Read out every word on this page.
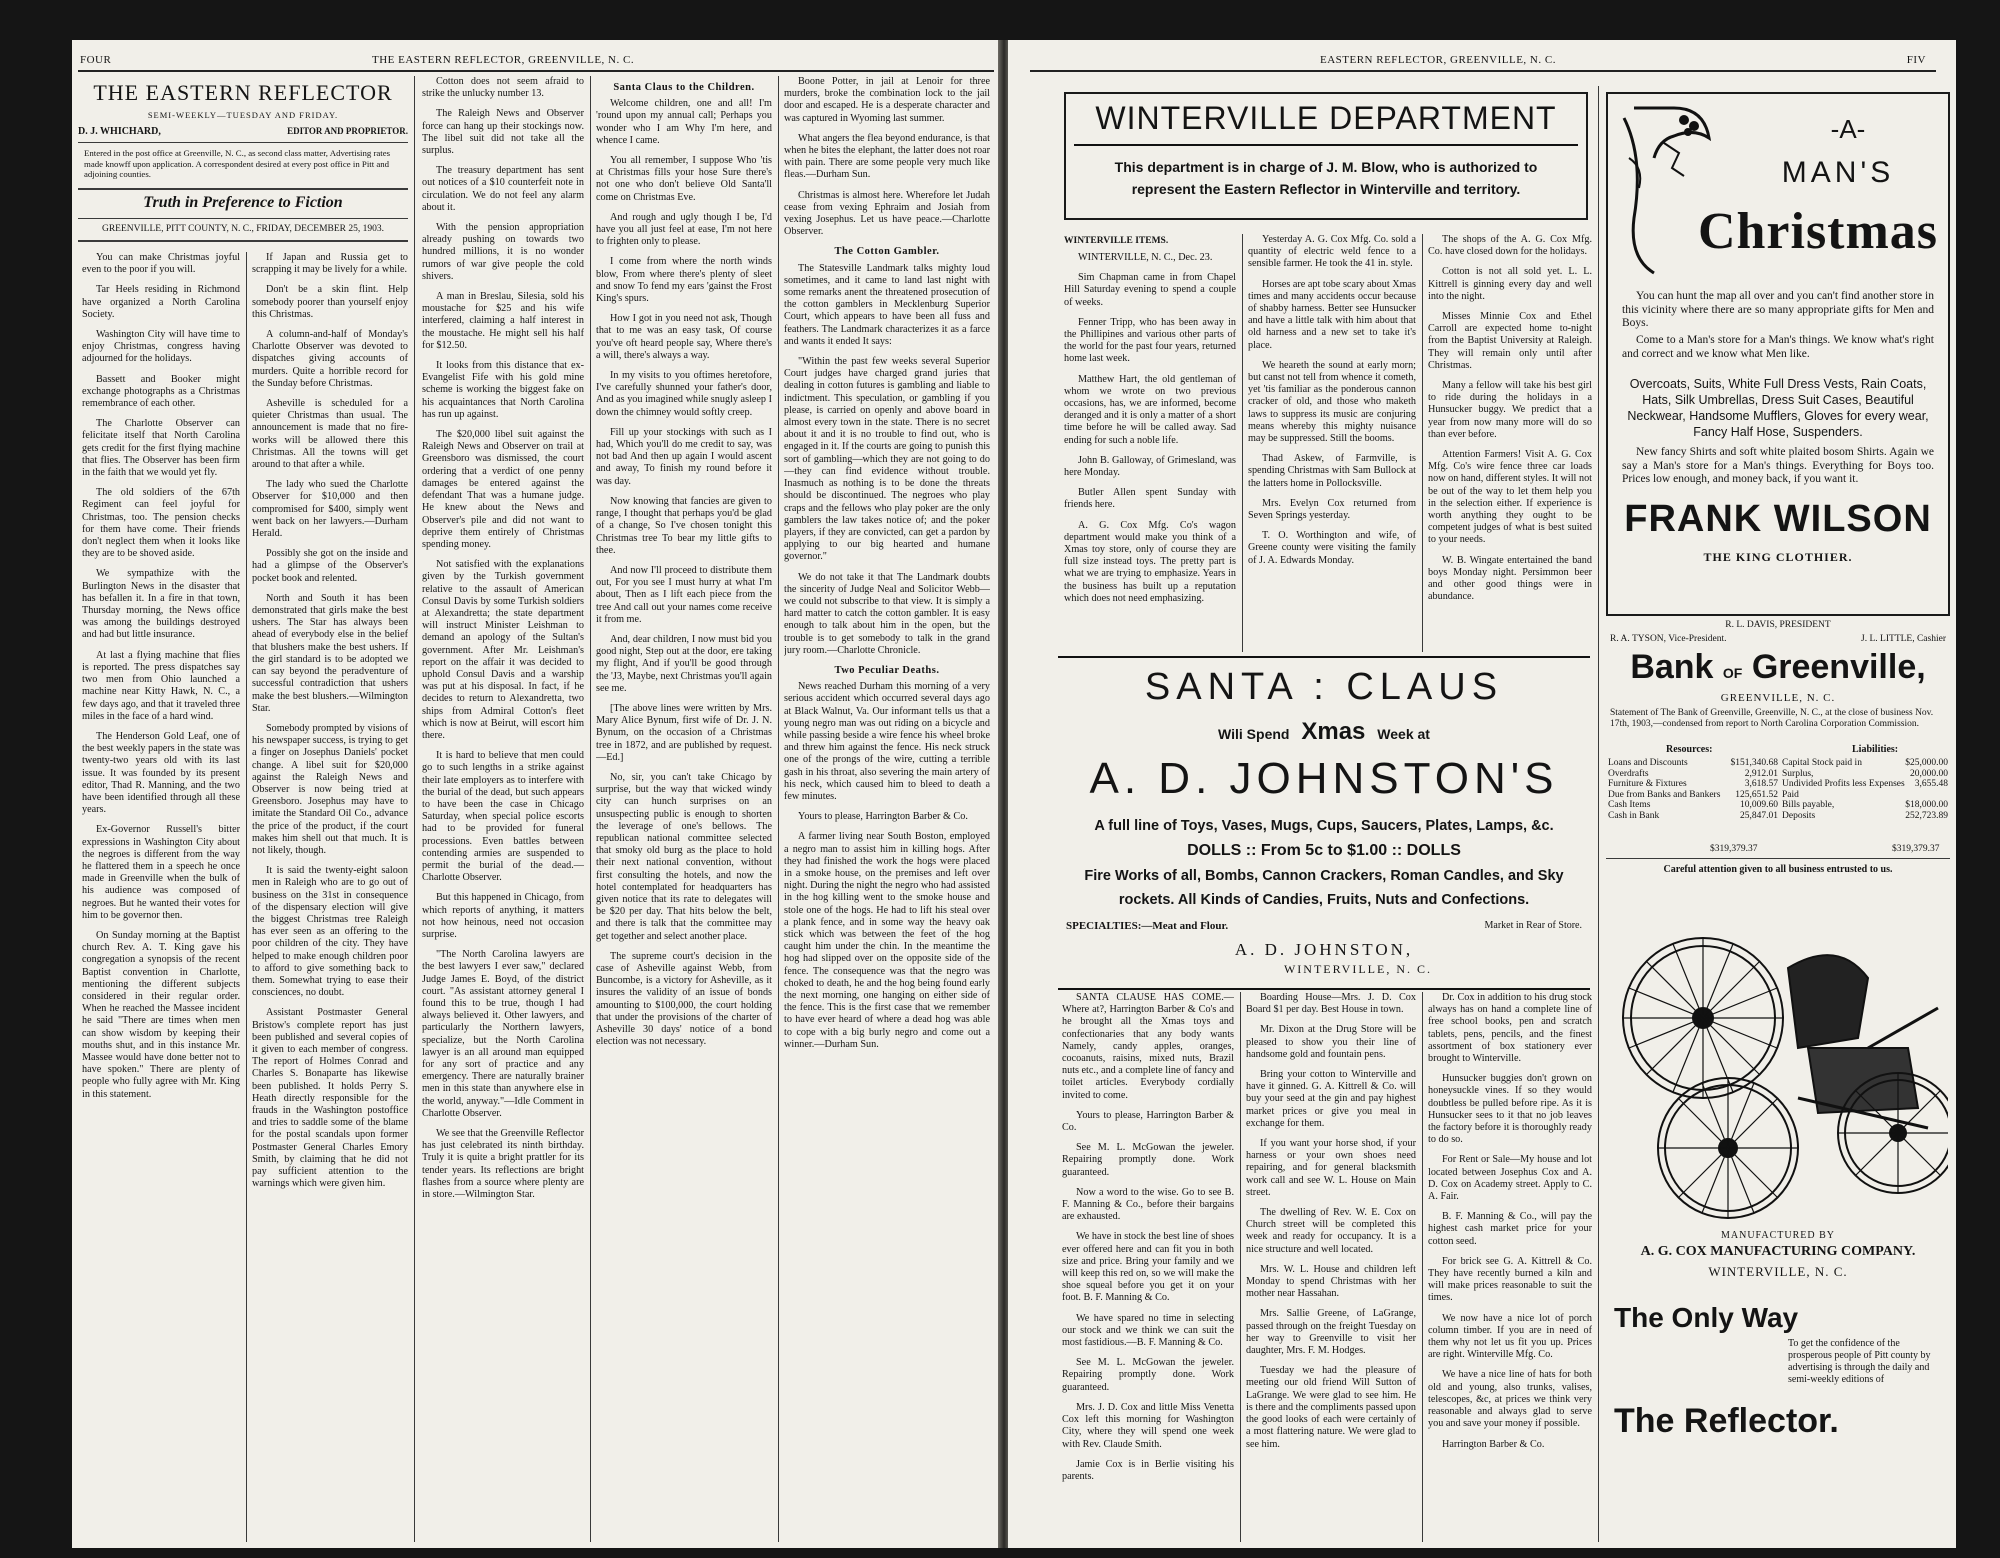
FOUR	THE EASTERN REFLECTOR, GREENVILLE, N. C.
THE EASTERN REFLECTOR
SEMI-WEEKLY—TUESDAY AND FRIDAY.
D. J. WHICHARD,	EDITOR AND PROPRIETOR.
Entered in the post office at Greenville, N. C., as second class matter, Advertising rates made knowff upon application. A correspondent desired at every post office in Pitt and adjoining counties.
Truth in Preference to Fiction
GREENVILLE, PITT COUNTY, N. C., FRIDAY, DECEMBER 25, 1903.

You can make Christmas joyful even to the poor if you will.

Tar Heels residing in Richmond have organized a North Carolina Society.

Washington City will have time to enjoy Christmas, congress having adjourned for the holidays.

Bassett and Booker might exchange photographs as a Christmas remembrance of each other.

The Charlotte Observer can felicitate itself that North Carolina gets credit for the first flying machine that flies. The Observer has been firm in the faith that we would yet fly.

The old soldiers of the 67th Regiment can feel joyful for Christmas, too. The pension checks for them have come. Their friends don't neglect them when it looks like they are to be shoved aside.

We sympathize with the Burlington News in the disaster that has befallen it. In a fire in that town, Thursday morning, the News office was among the buildings destroyed and had but little insurance.

At last a flying machine that flies is reported. The press dispatches say two men from Ohio launched a machine near Kitty Hawk, N. C., a few days ago, and that it traveled three miles in the face of a hard wind.

The Henderson Gold Leaf, one of the best weekly papers in the state was twenty-two years old with its last issue. It was founded by its present editor, Thad R. Manning, and the two have been identified through all these years.

Ex-Governor Russell's bitter expressions in Washington City about the negroes is different from the way he flattered them in a speech he once made in Greenville when the bulk of his audience was composed of negroes. But he wanted their votes for him to be governor then.

On Sunday morning at the Baptist church Rev. A. T. King gave his congregation a synopsis of the recent Baptist convention in Charlotte, mentioning the different subjects considered in their regular order. When he reached the Massee incident he said "There are times when men can show wisdom by keeping their mouths shut, and in this instance Mr. Massee would have done better not to have spoken." There are plenty of people who fully agree with Mr. King in this statement.

If Japan and Russia get to scrapping it may be lively for a while.

Don't be a skin flint. Help somebody poorer than yourself enjoy this Christmas.

A column-and-half of Monday's Charlotte Observer was devoted to dispatches giving accounts of murders. Quite a horrible record for the Sunday before Christmas.

Asheville is scheduled for a quieter Christmas than usual. The announcement is made that no fire-works will be allowed there this Christmas. All the towns will get around to that after a while.

The lady who sued the Charlotte Observer for $10,000 and then compromised for $400, simply went went back on her lawyers.—Durham Herald.

Possibly she got on the inside and had a glimpse of the Observer's pocket book and relented.

North and South it has been demonstrated that girls make the best ushers. The Star has always been ahead of everybody else in the belief that blushers make the best ushers. If the girl standard is to be adopted we can say beyond the peradventure of successful contradiction that ushers make the best blushers.—Wilmington Star.

Somebody prompted by visions of his newspaper success, is trying to get a finger on Josephus Daniels' pocket change. A libel suit for $20,000 against the Raleigh News and Observer is now being tried at Greensboro. Josephus may have to imitate the Standard Oil Co., advance the price of the product, if the court makes him shell out that much. It is not likely, though.

It is said the twenty-eight saloon men in Raleigh who are to go out of business on the 31st in consequence of the dispensary election will give the biggest Christmas tree Raleigh has ever seen as an offering to the poor children of the city. They have helped to make enough children poor to afford to give something back to them. Somewhat trying to ease their consciences, no doubt.

Assistant Postmaster General Bristow's complete report has just been published and several copies of it given to each member of congress. The report of Holmes Conrad and Charles S. Bonaparte has likewise been published. It holds Perry S. Heath directly responsible for the frauds in the Washington postoffice and tries to saddle some of the blame for the postal scandals upon former Postmaster General Charles Emory Smith, by claiming that he did not pay sufficient attention to the warnings which were given him.

Cotton does not seem afraid to strike the unlucky number 13.

The Raleigh News and Observer force can hang up their stockings now. The libel suit did not take all the surplus.

The treasury department has sent out notices of a $10 counterfeit note in circulation. We do not feel any alarm about it.

With the pension appropriation already pushing on towards two hundred millions, it is no wonder rumors of war give people the cold shivers.

A man in Breslau, Silesia, sold his moustache for $25 and his wife interfered, claiming a half interest in the moustache. He might sell his half for $12.50.

It looks from this distance that ex-Evangelist Fife with his gold mine scheme is working the biggest fake on his acquaintances that North Carolina has run up against.

The $20,000 libel suit against the Raleigh News and Observer on trail at Greensboro was dismissed, the court ordering that a verdict of one penny damages be entered against the defendant That was a humane judge. He knew about the News and Observer's pile and did not want to deprive them entirely of Christmas spending money.

Not satisfied with the explanations given by the Turkish government relative to the assault of American Consul Davis by some Turkish soldiers at Alexandretta; the state department will instruct Minister Leishman to demand an apology of the Sultan's government. After Mr. Leishman's report on the affair it was decided to uphold Consul Davis and a warship was put at his disposal. In fact, if he decides to return to Alexandretta, two ships from Admiral Cotton's fleet which is now at Beirut, will escort him there.

It is hard to believe that men could go to such lengths in a strike against their late employers as to interfere with the burial of the dead, but such appears to have been the case in Chicago Saturday, when special police escorts had to be provided for funeral processions. Even battles between contending armies are suspended to permit the burial of the dead.—Charlotte Observer.

But this happened in Chicago, from which reports of anything, it matters not how heinous, need not occasion surprise.

"The North Carolina lawyers are the best lawyers I ever saw," declared Judge James E. Boyd, of the district court. "As assistant attorney general I found this to be true, though I had always believed it. Other lawyers, and particularly the Northern lawyers, specialize, but the North Carolina lawyer is an all around man equipped for any sort of practice and any emergency. There are naturally brainer men in this state than anywhere else in the world, anyway."—Idle Comment in Charlotte Observer.

We see that the Greenville Reflector has just celebrated its ninth birthday. Truly it is quite a bright prattler for its tender years. Its reflections are bright flashes from a source where plenty are in store.—Wilmington Star.

Santa Claus to the Children.

Welcome children, one and all! I'm 'round upon my annual call; Perhaps you wonder who I am Why I'm here, and whence I came.

You all remember, I suppose Who 'tis at Christmas fills your hose Sure there's not one who don't believe Old Santa'll come on Christmas Eve.

And rough and ugly though I be, I'd have you all just feel at ease, I'm not here to frighten only to please.

I come from where the north winds blow, From where there's plenty of sleet and snow To fend my ears 'gainst the Frost King's spurs.

How I got in you need not ask, Though that to me was an easy task, Of course you've oft heard people say, Where there's a will, there's always a way.

In my visits to you oftimes heretofore, I've carefully shunned your father's door, And as you imagined while snugly asleep I down the chimney would softly creep.

Fill up your stockings with such as I had, Which you'll do me credit to say, was not bad And then up again I would ascent and away, To finish my round before it was day.

Now knowing that fancies are given to range, I thought that perhaps you'd be glad of a change, So I've chosen tonight this Christmas tree To bear my little gifts to thee.

And now I'll proceed to distribute them out, For you see I must hurry at what I'm about, Then as I lift each piece from the tree And call out your names come receive it from me.

And, dear children, I now must bid you good night, Step out at the door, ere taking my flight, And if you'll be good through the 'J3, Maybe, next Christmas you'll again see me.

[The above lines were written by Mrs. Mary Alice Bynum, first wife of Dr. J. N. Bynum, on the occasion of a Christmas tree in 1872, and are published by request.—Ed.]

No, sir, you can't take Chicago by surprise, but the way that wicked windy city can hunch surprises on an unsuspecting public is enough to shorten the leverage of one's bellows. The republican national committee selected that smoky old burg as the place to hold their next national convention, without first consulting the hotels, and now the hotel contemplated for headquarters has given notice that its rate to delegates will be $20 per day. That hits below the belt, and there is talk that the committee may get together and select another place.

The supreme court's decision in the case of Asheville against Webb, from Buncombe, is a victory for Asheville, as it insures the validity of an issue of bonds amounting to $100,000, the court holding that under the provisions of the charter of Asheville 30 days' notice of a bond election was not necessary.

Boone Potter, in jail at Lenoir for three murders, broke the combination lock to the jail door and escaped. He is a desperate character and was captured in Wyoming last summer.

What angers the flea beyond endurance, is that when he bites the elephant, the latter does not roar with pain. There are some people very much like fleas.—Durham Sun.

Christmas is almost here. Wherefore let Judah cease from vexing Ephraim and Josiah from vexing Josephus. Let us have peace.—Charlotte Observer.

The Cotton Gambler.

The Statesville Landmark talks mighty loud sometimes, and it came to land last night with some remarks anent the threatened prosecution of the cotton gamblers in Mecklenburg Superior Court, which appears to have been all fuss and feathers. The Landmark characterizes it as a farce and wants it ended It says:

"Within the past few weeks several Superior Court judges have charged grand juries that dealing in cotton futures is gambling and liable to indictment. This speculation, or gambling if you please, is carried on openly and above board in almost every town in the state. There is no secret about it and it is no trouble to find out, who is engaged in it. If the courts are going to punish this sort of gambling—which they are not going to do—they can find evidence without trouble. Inasmuch as nothing is to be done the threats should be discontinued. The negroes who play craps and the fellows who play poker are the only gamblers the law takes notice of; and the poker players, if they are convicted, can get a pardon by applying to our big hearted and humane governor."

We do not take it that The Landmark doubts the sincerity of Judge Neal and Solicitor Webb—we could not subscribe to that view. It is simply a hard matter to catch the cotton gambler. It is easy enough to talk about him in the open, but the trouble is to get somebody to talk in the grand jury room.—Charlotte Chronicle.

Two Peculiar Deaths.

News reached Durham this morning of a very serious accident which occurred several days ago at Black Walnut, Va. Our informant tells us that a young negro man was out riding on a bicycle and while passing beside a wire fence his wheel broke and threw him against the fence. His neck struck one of the prongs of the wire, cutting a terrible gash in his throat, also severing the main artery of his neck, which caused him to bleed to death a few minutes.

Yours to please, Harrington Barber & Co.

A farmer living near South Boston, employed a negro man to assist him in killing hogs. After they had finished the work the hogs were placed in a smoke house, on the premises and left over night. During the night the negro who had assisted in the hog killing went to the smoke house and stole one of the hogs. He had to lift his steal over a plank fence, and in some way the heavy oak stick which was between the feet of the hog caught him under the chin. In the meantime the hog had slipped over on the opposite side of the fence. The consequence was that the negro was choked to death, he and the hog being found early the next morning, one hanging on either side of the fence. This is the first case that we remember to have ever heard of where a dead hog was able to cope with a big burly negro and come out a winner.—Durham Sun.

EASTERN REFLECTOR, GREENVILLE, N. C.	FIV
WINTERVILLE DEPARTMENT
This department is in charge of J. M. Blow, who is authorized to represent the Eastern Reflector in Winterville and territory.
WINTERVILLE ITEMS.

WINTERVILLE, N. C., Dec. 23.

Sim Chapman came in from Chapel Hill Saturday evening to spend a couple of weeks.

Fenner Tripp, who has been away in the Phillipines and various other parts of the world for the past four years, returned home last week.

Matthew Hart, the old gentleman of whom we wrote on two previous occasions, has, we are informed, become deranged and it is only a matter of a short time before he will be called away. Sad ending for such a noble life.

John B. Galloway, of Grimesland, was here Monday.

Butler Allen spent Sunday with friends here.

A. G. Cox Mfg. Co's wagon department would make you think of a Xmas toy store, only of course they are full size instead toys. The pretty part is what we are trying to emphasize. Years in the business has built up a reputation which does not need emphasizing.

Yesterday A. G. Cox Mfg. Co. sold a quantity of electric weld fence to a sensible farmer. He took the 41 in. style.

Horses are apt tobe scary about Xmas times and many accidents occur because of shabby harness. Better see Hunsucker and have a little talk with him about that old harness and a new set to take it's place.

We heareth the sound at early morn; but canst not tell from whence it cometh, yet 'tis familiar as the ponderous cannon cracker of old, and those who maketh laws to suppress its music are conjuring means whereby this mighty nuisance may be suppressed. Still the booms.

Thad Askew, of Farmville, is spending Christmas with Sam Bullock at the latters home in Pollocksville.

Mrs. Evelyn Cox returned from Seven Springs yesterday.

T. O. Worthington and wife, of Greene county were visiting the family of J. A. Edwards Monday.

The shops of the A. G. Cox Mfg. Co. have closed down for the holidays.

Cotton is not all sold yet. L. L. Kittrell is ginning every day and well into the night.

Misses Minnie Cox and Ethel Carroll are expected home to-night from the Baptist University at Raleigh. They will remain only until after Christmas.

Many a fellow will take his best girl to ride during the holidays in a Hunsucker buggy. We predict that a year from now many more will do so than ever before.

Attention Farmers! Visit A. G. Cox Mfg. Co's wire fence three car loads now on hand, different styles. It will not be out of the way to let them help you in the selection either. If experience is worth anything they ought to be competent judges of what is best suited to your needs.

W. B. Wingate entertained the band boys Monday night. Persimmon beer and other good things were in abundance.

SANTA : CLAUS
Wili Spend Xmas Week at
A. D. JOHNSTON'S
A full line of Toys, Vases, Mugs, Cups, Saucers, Plates, Lamps, &c.
DOLLS :: From 5c to $1.00 :: DOLLS
Fire Works of all, Bombs, Cannon Crackers, Roman Candles, and Sky
rockets. All Kinds of Candies, Fruits, Nuts and Confections.
SPECIALTIES:—Meat and Flour.	Market in Rear of Store.
A. D. JOHNSTON,
WINTERVILLE, N. C.

SANTA CLAUSE HAS COME.—Where at?, Harrington Barber & Co's and he brought all the Xmas toys and confectionaries that any body wants Namely, candy apples, oranges, cocoanuts, raisins, mixed nuts, Brazil nuts etc., and a complete line of fancy and toilet articles. Everybody cordially invited to come.

Yours to please, Harrington Barber & Co.

See M. L. McGowan the jeweler. Repairing promptly done. Work guaranteed.

Now a word to the wise. Go to see B. F. Manning & Co., before their bargains are exhausted.

We have in stock the best line of shoes ever offered here and can fit you in both size and price. Bring your family and we will keep this red on, so we will make the shoe squeal before you get it on your foot. B. F. Manning & Co.

We have spared no time in selecting our stock and we think we can suit the most fastidious.—B. F. Manning & Co.

See M. L. McGowan the jeweler. Repairing promptly done. Work guaranteed.

Mrs. J. D. Cox and little Miss Venetta Cox left this morning for Washington City, where they will spend one week with Rev. Claude Smith.

Jamie Cox is in Berlie visiting his parents.

Boarding House—Mrs. J. D. Cox Board $1 per day. Best House in town.

Mr. Dixon at the Drug Store will be pleased to show you their line of handsome gold and fountain pens.

Bring your cotton to Winterville and have it ginned. G. A. Kittrell & Co. will buy your seed at the gin and pay highest market prices or give you meal in exchange for them.

If you want your horse shod, if your harness or your own shoes need repairing, and for general blacksmith work call and see W. L. House on Main street.

The dwelling of Rev. W. E. Cox on Church street will be completed this week and ready for occupancy. It is a nice structure and well located.

Mrs. W. L. House and children left Monday to spend Christmas with her mother near Hassahan.

Mrs. Sallie Greene, of LaGrange, passed through on the freight Tuesday on her way to Greenville to visit her daughter, Mrs. F. M. Hodges.

Tuesday we had the pleasure of meeting our old friend Will Sutton of LaGrange. We were glad to see him. He is there and the compliments passed upon the good looks of each were certainly of a most flattering nature. We were glad to see him.

Dr. Cox in addition to his drug stock always has on hand a complete line of free school books, pen and scratch tablets, pens, pencils, and the finest assortment of box stationery ever brought to Winterville.

Hunsucker buggies don't grown on honeysuckle vines. If so they would doubtless be pulled before ripe. As it is Hunsucker sees to it that no job leaves the factory before it is thoroughly ready to do so.

For Rent or Sale—My house and lot located between Josephus Cox and A. D. Cox on Academy street. Apply to C. A. Fair.

B. F. Manning & Co., will pay the highest cash market price for your cotton seed.

For brick see G. A. Kittrell & Co. They have recently burned a kiln and will make prices reasonable to suit the times.

We now have a nice lot of porch column timber. If you are in need of them why not let us fit you up. Prices are right. Winterville Mfg. Co.

We have a nice line of hats for both old and young, also trunks, valises, telescopes, &c, at prices we think very reasonable and always glad to serve you and save your money if possible.

Harrington Barber & Co.

-A-
MAN'S
Christmas
You can hunt the map all over and you can't find another store in this vicinity where there are so many appropriate gifts for Men and Boys.
Come to a Man's store for a Man's things. We know what's right and correct and we know what Men like.
Overcoats, Suits, White Full Dress Vests, Rain Coats, Hats, Silk Umbrellas, Dress Suit Cases, Beautiful Neckwear, Handsome Mufflers, Gloves for every wear, Fancy Half Hose, Suspenders.
New fancy Shirts and soft white plaited bosom Shirts. Again we say a Man's store for a Man's things. Everything for Boys too. Prices low enough, and money back, if you want it.
FRANK WILSON
THE KING CLOTHIER.
R. L. DAVIS, PRESIDENT
R. A. TYSON, Vice-President.	J. L. LITTLE, Cashier
Bank OF Greenville,
GREENVILLE, N. C.
Statement of The Bank of Greenville, Greenville, N. C., at the close of business Nov. 17th, 1903,—condensed from report to North Carolina Corporation Commission.
Resources:	Liabilities:
Loans and Discounts	$151,340.68
Overdrafts	2,912.01
Furniture & Fixtures	3,618.57
Due from Banks and Bankers 125,651.52
Cash Items	10,009.60
Cash in Bank	25,847.01
Capital Stock paid in	$25,000.00
Surplus,	20,000.00
Undivided Profits less Expenses Paid
3,655.48
Bills payable,	$18,000.00
Deposits	252,723.89
$319,379.37	$319,379.37
Careful attention given to all business entrusted to us.
MANUFACTURED BY
A. G. COX MANUFACTURING COMPANY.
WINTERVILLE, N. C.
The Only Way
To get the confidence of the prosperous people of Pitt county by advertising is through the daily and semi-weekly editions of
The Reflector.
